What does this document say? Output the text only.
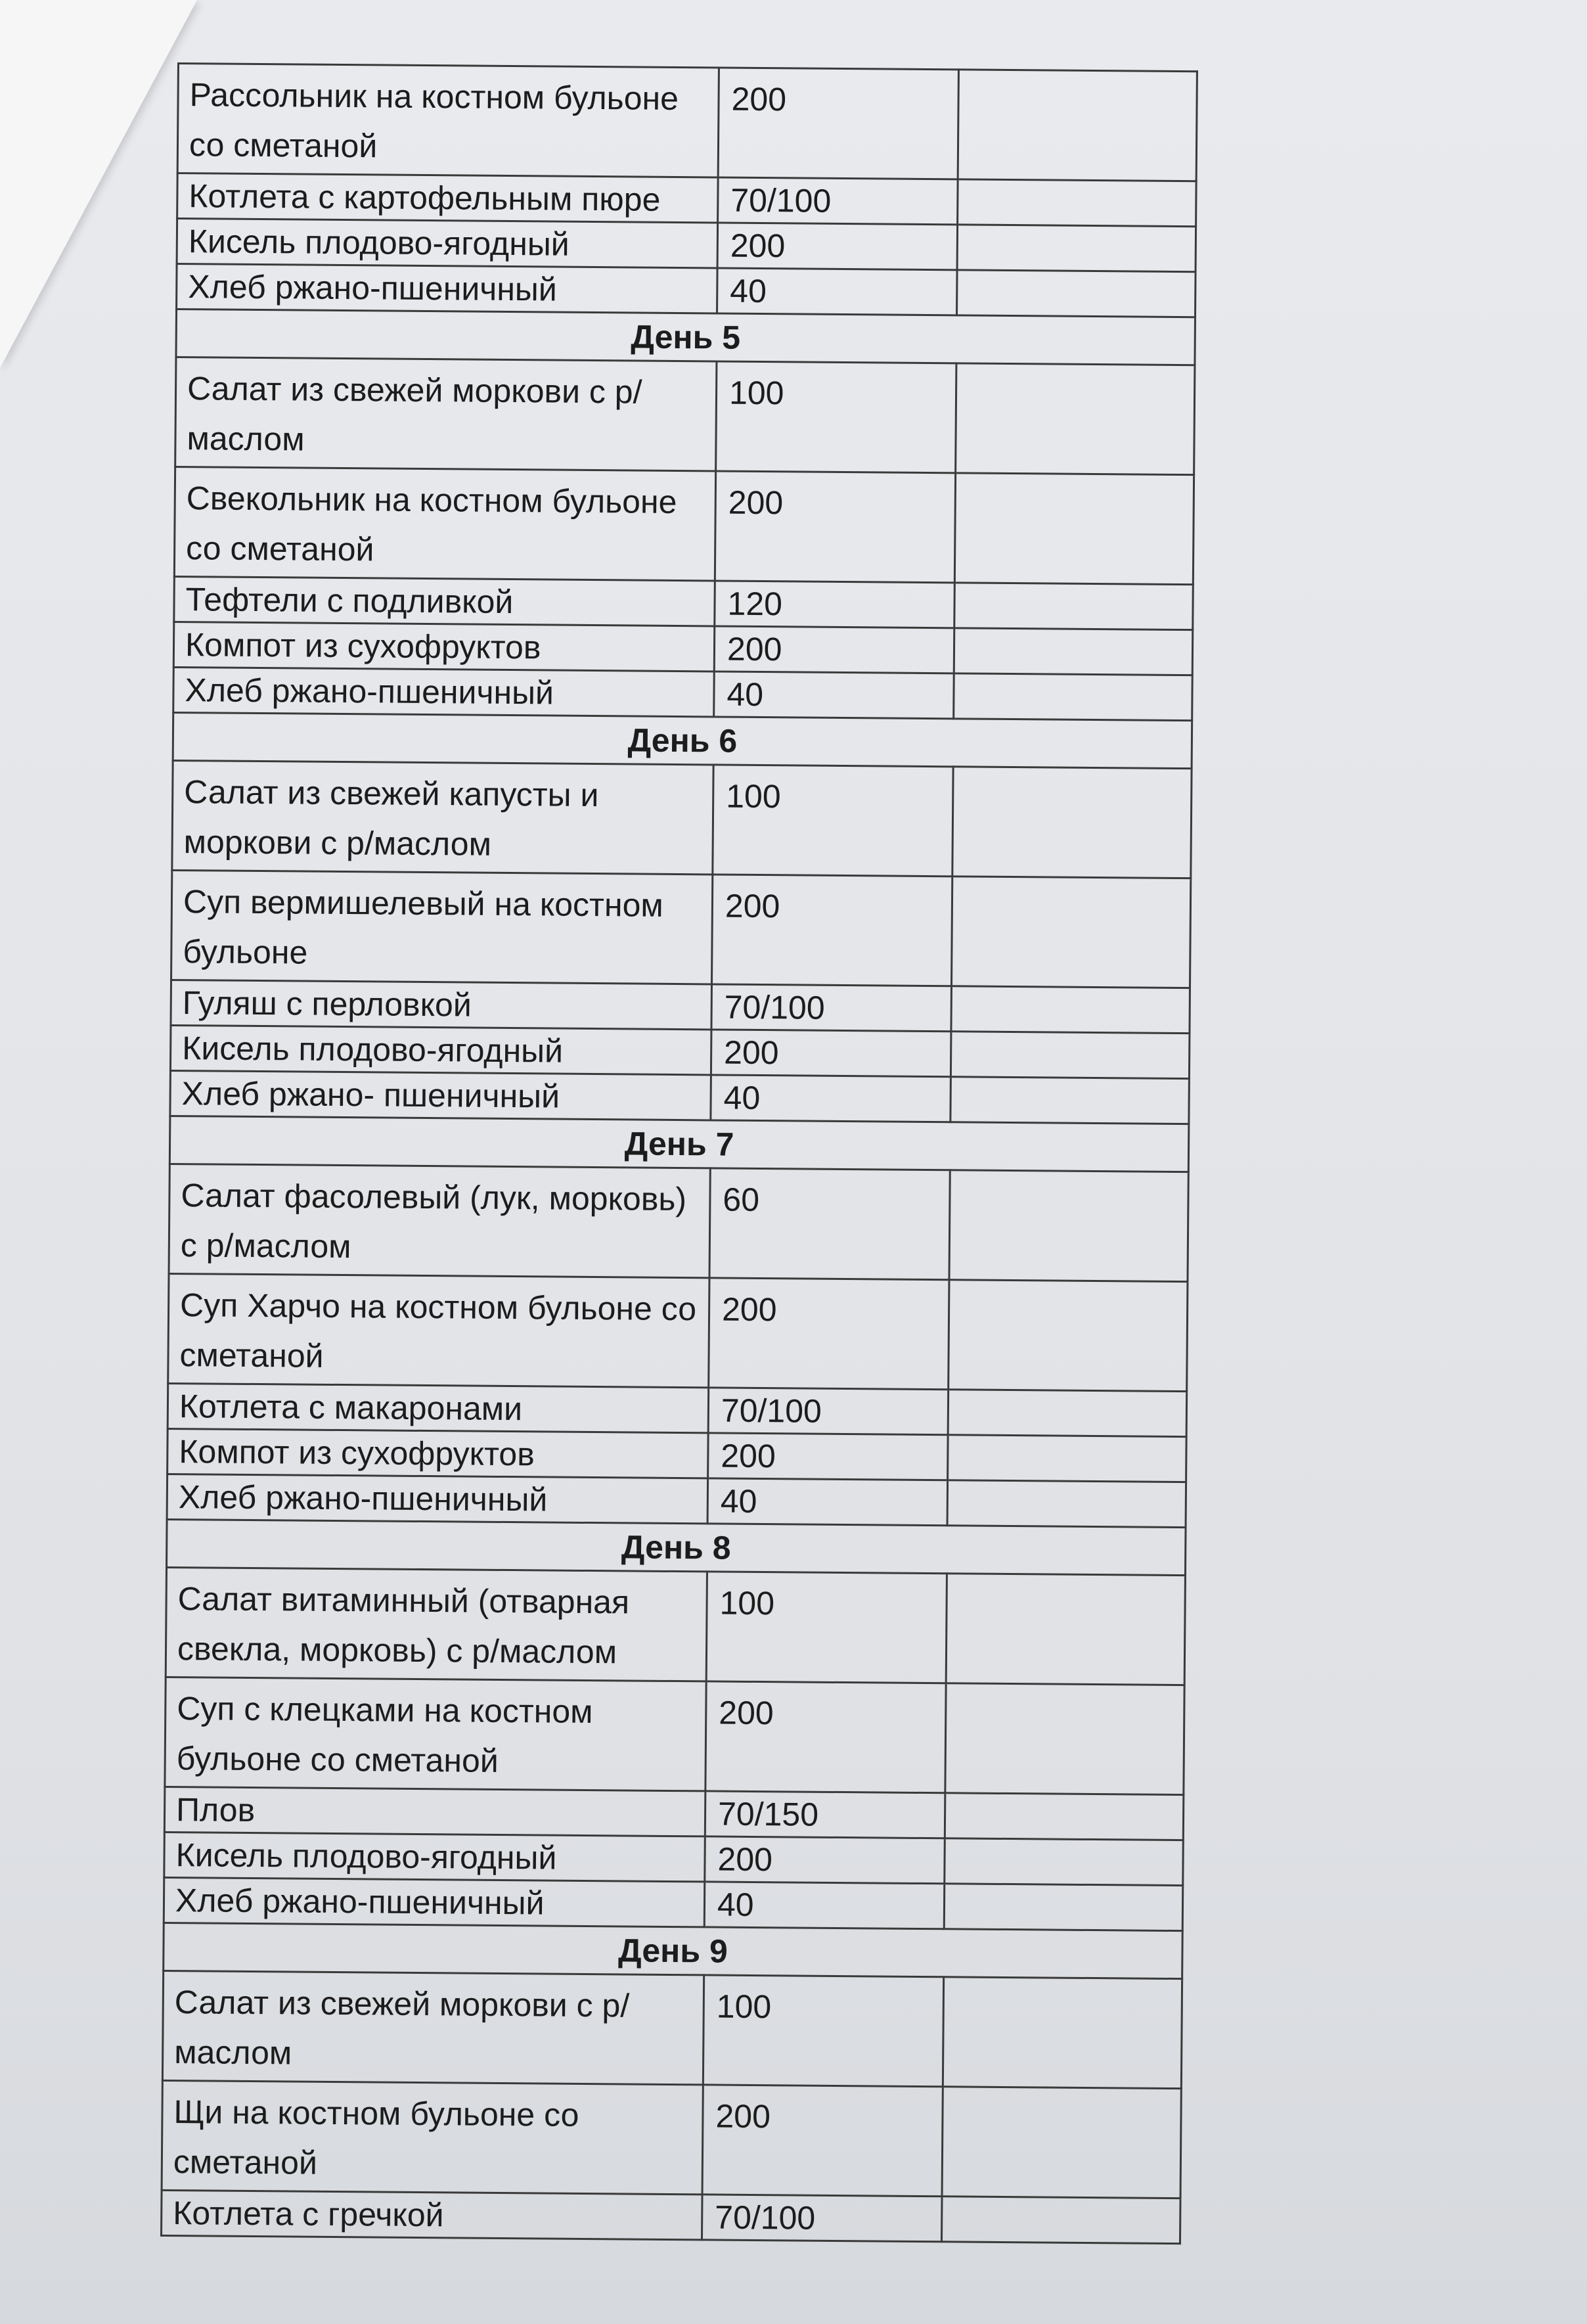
Рассольник на костном бульоне со сметаной	200	
Котлета с картофельным пюре	70/100	
Кисель плодово-ягодный	200	
Хлеб ржано-пшеничный	40	
День 5		
Салат из свежей моркови с р/маслом	100	
Свекольник на костном бульоне со сметаной	200	
Тефтели с подливкой	120	
Компот из сухофруктов	200	
Хлеб ржано-пшеничный	40	
День 6		
Салат из свежей капусты и моркови с р/маслом	100	
Суп вермишелевый на костном бульоне	200	
Гуляш с перловкой	70/100	
Кисель плодово-ягодный	200	
Хлеб ржано- пшеничный	40	
День 7		
Салат фасолевый (лук, морковь) с р/маслом	60	
Суп Харчо на костном бульоне со сметаной	200	
Котлета с макаронами	70/100	
Компот из сухофруктов	200	
Хлеб ржано-пшеничный	40	
День 8		
Салат витаминный (отварная свекла, морковь) с р/маслом	100	
Суп с клецками на костном бульоне со сметаной	200	
Плов	70/150	
Кисель плодово-ягодный	200	
Хлеб ржано-пшеничный	40	
День 9		
Салат из свежей моркови с р/маслом	100	
Щи на костном бульоне со сметаной	200	
Котлета с гречкой	70/100	
